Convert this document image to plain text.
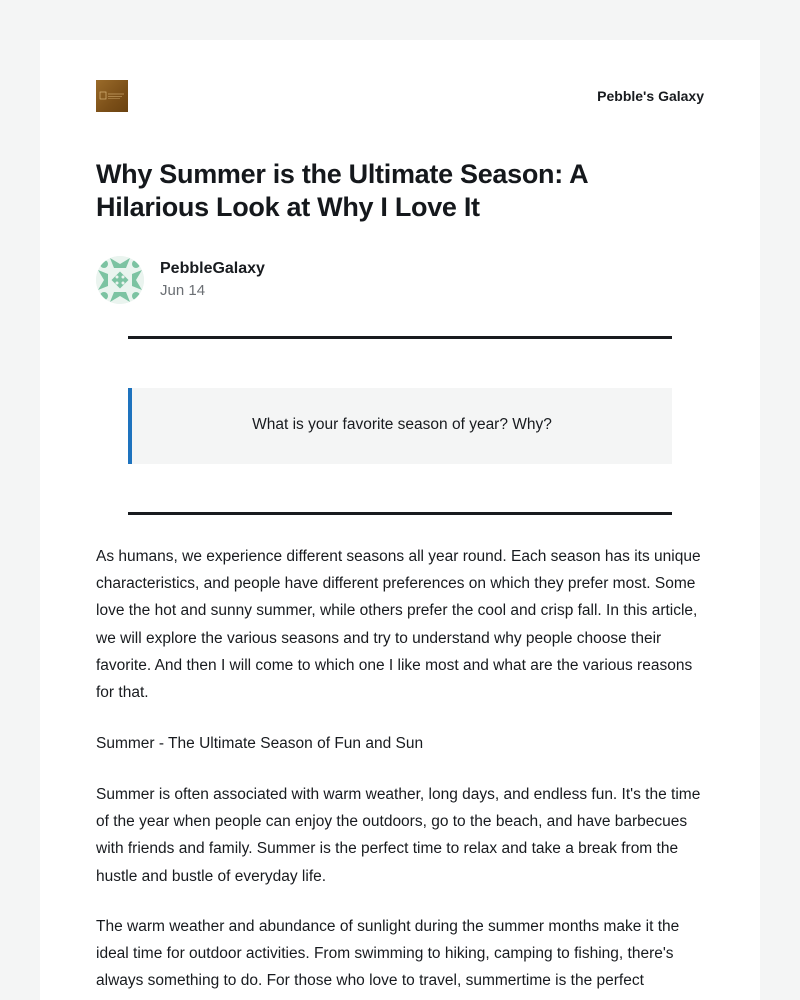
Pebble's Galaxy
Why Summer is the Ultimate Season: A Hilarious Look at Why I Love It
PebbleGalaxy
Jun 14
What is your favorite season of year? Why?

As humans, we experience different seasons all year round. Each season has its unique characteristics, and people have different preferences on which they prefer most. Some love the hot and sunny summer, while others prefer the cool and crisp fall. In this article, we will explore the various seasons and try to understand why people choose their favorite. And then I will come to which one I like most and what are the various reasons for that.

Summer - The Ultimate Season of Fun and Sun

Summer is often associated with warm weather, long days, and endless fun. It's the time of the year when people can enjoy the outdoors, go to the beach, and have barbecues with friends and family. Summer is the perfect time to relax and take a break from the hustle and bustle of everyday life.

The warm weather and abundance of sunlight during the summer months make it the ideal time for outdoor activities. From swimming to hiking, camping to fishing, there's always something to do. For those who love to travel, summertime is the perfect
